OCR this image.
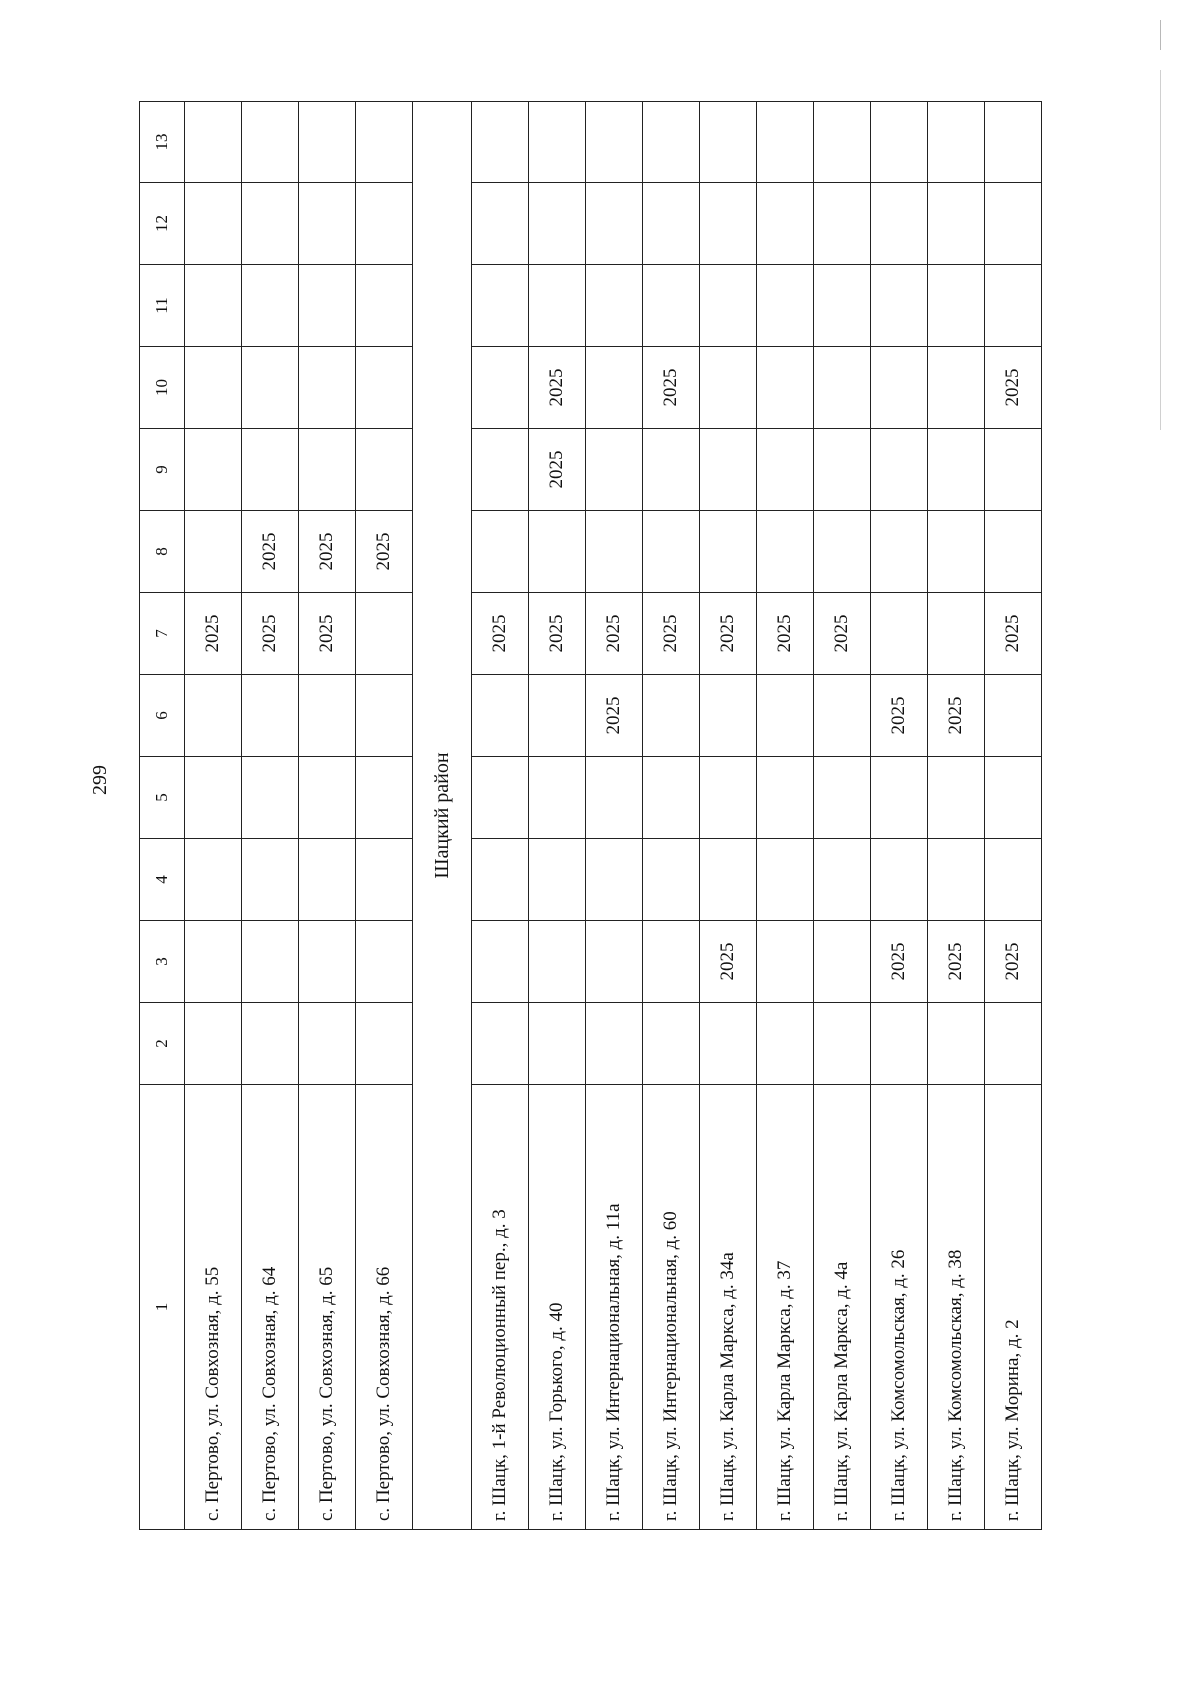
299
1	2	3	4	5	6	7	8	9	10	11	12	13
с. Пертово, ул. Совхозная, д. 55						2025						
с. Пертово, ул. Совхозная, д. 64						2025	2025					
с. Пертово, ул. Совхозная, д. 65						2025	2025					
с. Пертово, ул. Совхозная, д. 66							2025					
Шацкий район												
г. Шацк, 1-й Революционный пер., д. 3						2025						
г. Шацк, ул. Горького, д. 40						2025		2025	2025			
г. Шацк, ул. Интернациональная, д. 11а					2025	2025						
г. Шацк, ул. Интернациональная, д. 60						2025			2025			
г. Шацк, ул. Карла Маркса, д. 34а		2025				2025						
г. Шацк, ул. Карла Маркса, д. 37						2025						
г. Шацк, ул. Карла Маркса, д. 4а						2025						
г. Шацк, ул. Комсомольская, д. 26		2025			2025							
г. Шацк, ул. Комсомольская, д. 38		2025			2025							
г. Шацк, ул. Морина, д. 2		2025				2025			2025			
